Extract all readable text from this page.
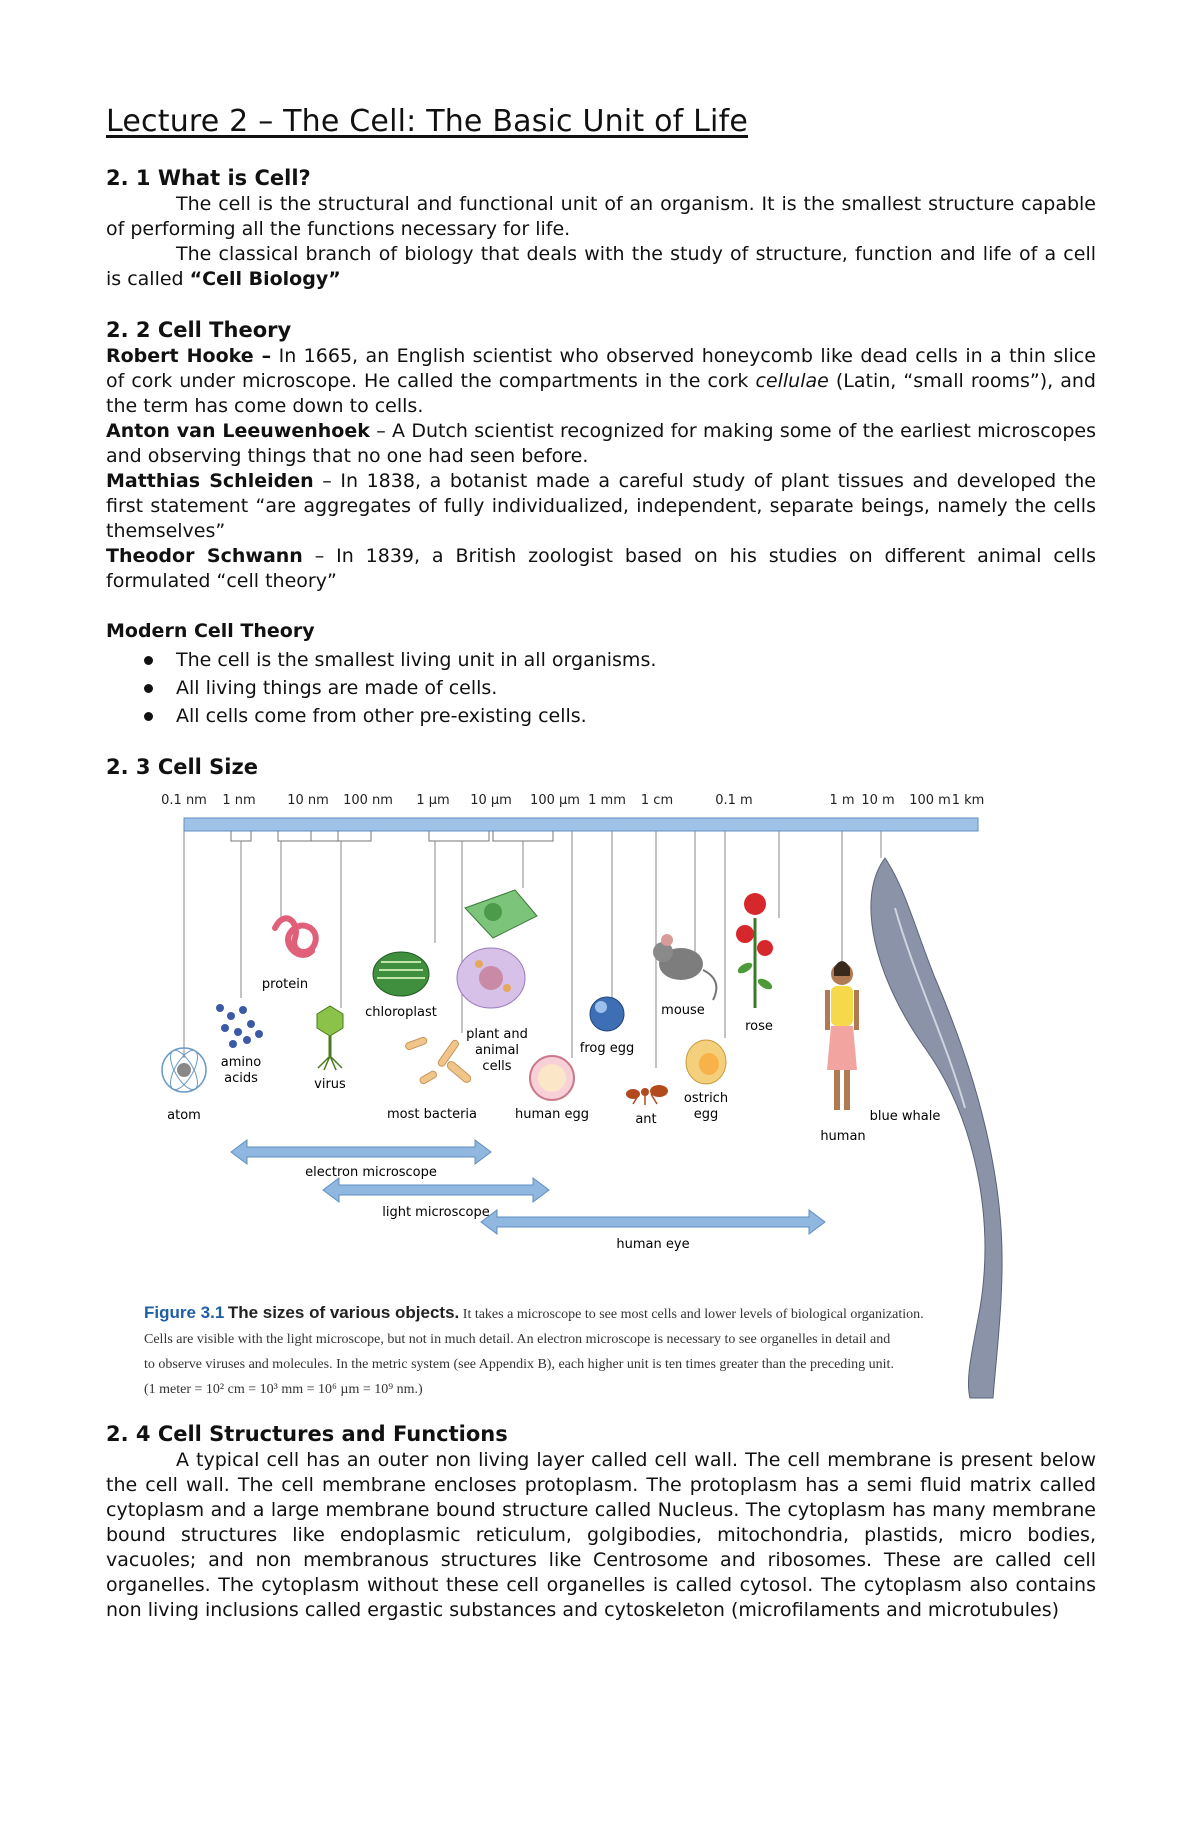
Lecture 2 – The Cell: The Basic Unit of Life
2. 1 What is Cell?

The cell is the structural and functional unit of an organism. It is the smallest structure capable of performing all the functions necessary for life.

The classical branch of biology that deals with the study of structure, function and life of a cell is called “Cell Biology”

2. 2 Cell Theory

Robert Hooke – In 1665, an English scientist who observed honeycomb like dead cells in a thin slice of cork under microscope. He called the compartments in the cork cellulae (Latin, “small rooms”), and the term has come down to cells.

Anton van Leeuwenhoek – A Dutch scientist recognized for making some of the earliest microscopes and observing things that no one had seen before.

Matthias Schleiden – In 1838, a botanist made a careful study of plant tissues and developed the first statement “are aggregates of fully individualized, independent, separate beings, namely the cells themselves”

Theodor Schwann – In 1839, a British zoologist based on his studies on different animal cells formulated “cell theory”

Modern Cell Theory
The cell is the smallest living unit in all organisms.
All living things are made of cells.
All cells come from other pre-existing cells.
2. 3 Cell Size
2. 4 Cell Structures and Functions

A typical cell has an outer non living layer called cell wall. The cell membrane is present below the cell wall. The cell membrane encloses protoplasm. The protoplasm has a semi fluid matrix called cytoplasm and a large membrane bound structure called Nucleus. The cytoplasm has many membrane bound structures like endoplasmic reticulum, golgibodies, mitochondria, plastids, micro bodies, vacuoles; and non membranous structures like Centrosome and ribosomes. These are called cell organelles. The cytoplasm without these cell organelles is called cytosol. The cytoplasm also contains non living inclusions called ergastic substances and cytoskeleton (microfilaments and microtubules)

0.1 nm 1 nm 10 nm 100 nm 1 µm 10 µm 100 µm 1 mm 1 cm	0.1 m	1 m 10 m 100 m 1 km
atom
amino
acids
protein
virus
chloroplast
most bacteria
plant and
animal
cells
human egg
frog egg
ant
mouse
ostrich
egg
rose
human
blue whale
electron microscope
light microscope
human eye
Figure 3.1 The sizes of various objects. It takes a microscope to see most cells and lower levels of biological organization.
Cells are visible with the light microscope, but not in much detail. An electron microscope is necessary to see organelles in detail and
to observe viruses and molecules. In the metric system (see Appendix B), each higher unit is ten times greater than the preceding unit.
(1 meter = 10² cm = 10³ mm = 10⁶ µm = 10⁹ nm.)
